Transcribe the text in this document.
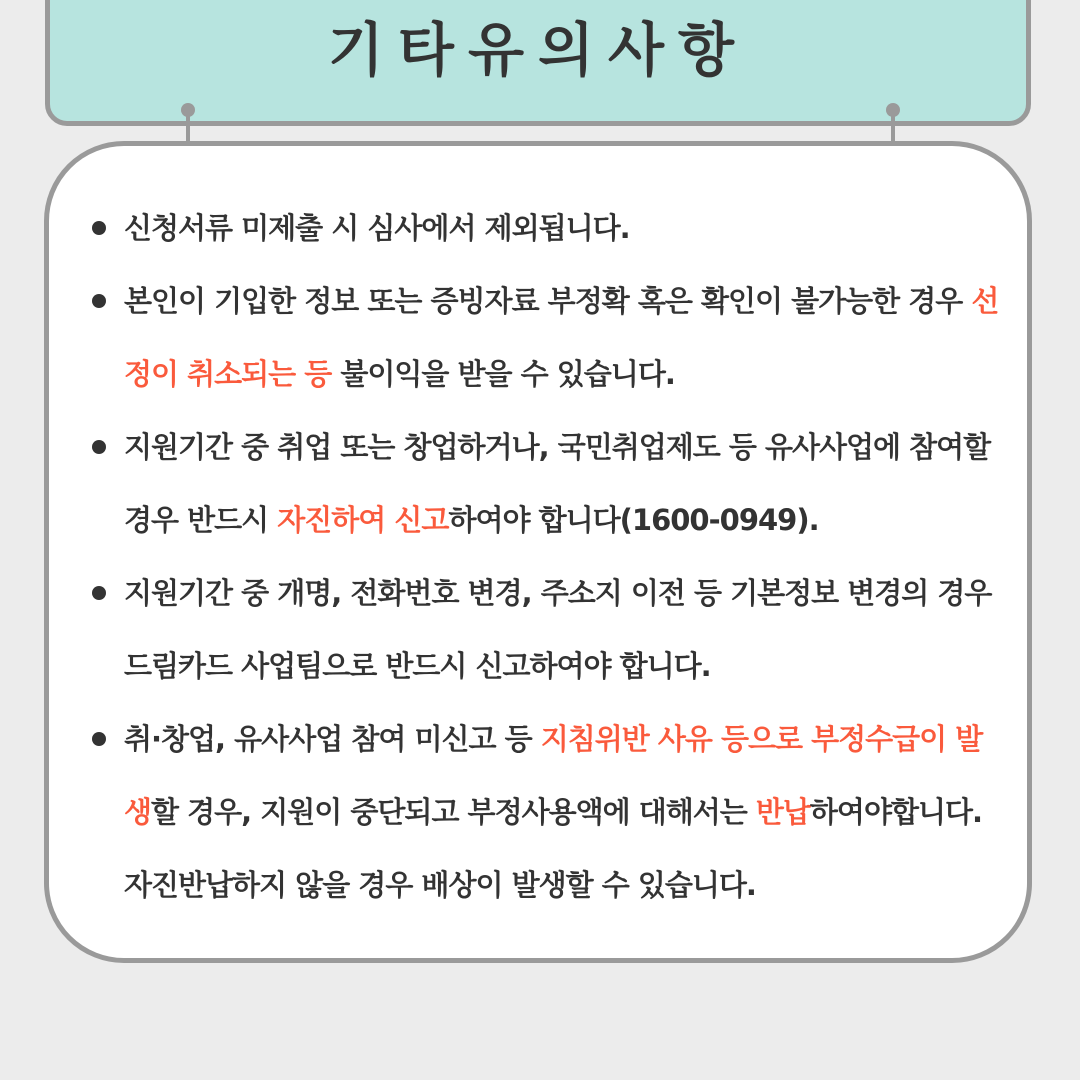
기타유의사항
신청서류 미제출 시 심사에서 제외됩니다.
본인이 기입한 정보 또는 증빙자료 부정확 혹은 확인이 불가능한 경우 선정이 취소되는 등 불이익을 받을 수 있습니다.
지원기간 중 취업 또는 창업하거나, 국민취업제도 등 유사사업에 참여할 경우 반드시 자진하여 신고하여야 합니다(1600-0949).
지원기간 중 개명, 전화번호 변경, 주소지 이전 등 기본정보 변경의 경우 드림카드 사업팀으로 반드시 신고하여야 합니다.
취·창업, 유사사업 참여 미신고 등 지침위반 사유 등으로 부정수급이 발생할 경우, 지원이 중단되고 부정사용액에 대해서는 반납하여야합니다. 자진반납하지 않을 경우 배상이 발생할 수 있습니다.
